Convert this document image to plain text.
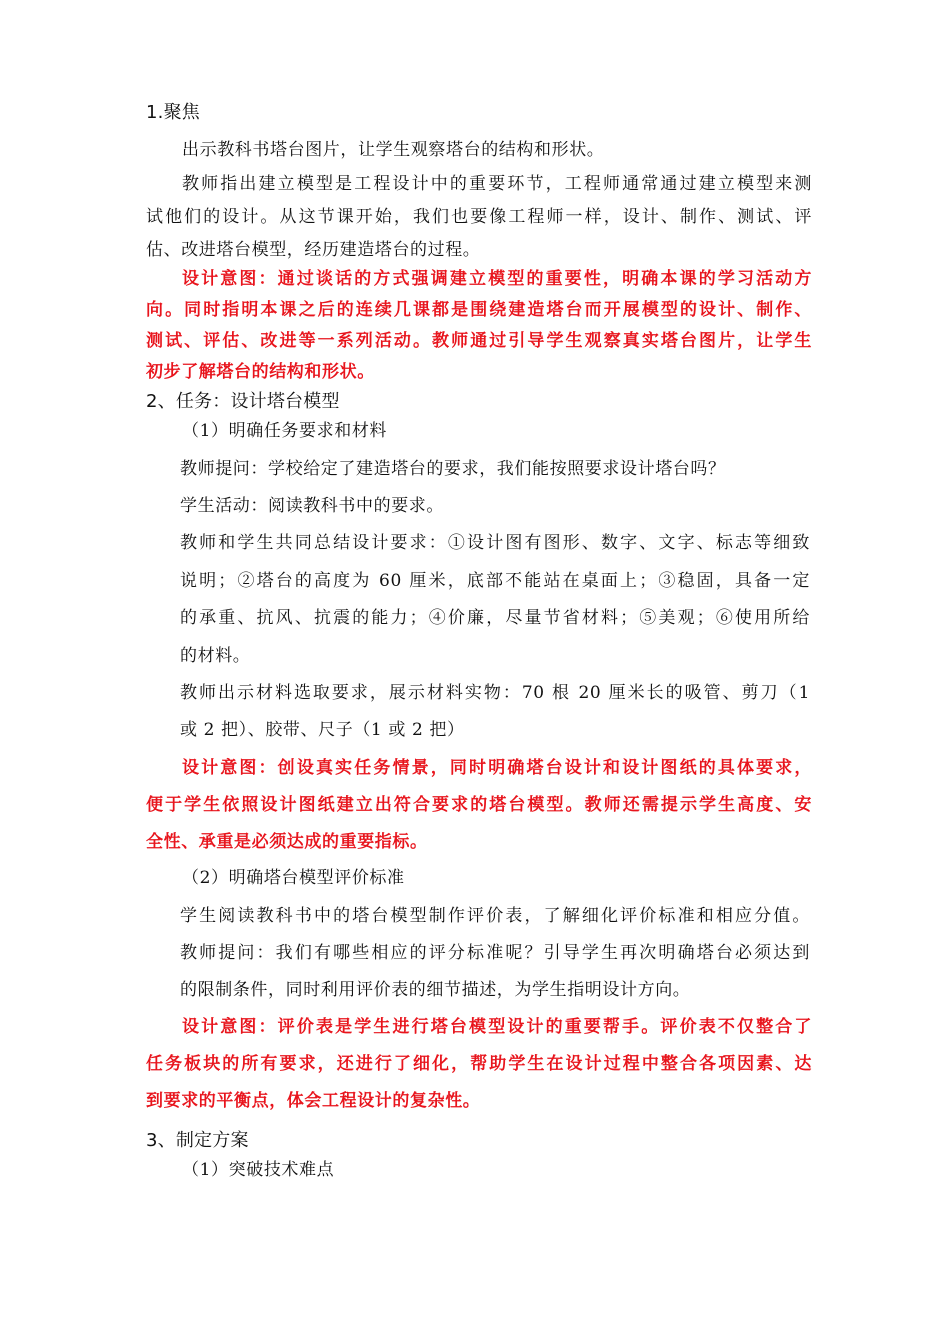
1.聚焦
出示教科书塔台图片，让学生观察塔台的结构和形状。
教师指出建立模型是工程设计中的重要环节，工程师通常通过建立模型来测
试他们的设计。从这节课开始，我们也要像工程师一样，设计、制作、测试、评
估、改进塔台模型，经历建造塔台的过程。
设计意图：通过谈话的方式强调建立模型的重要性，明确本课的学习活动方
向。同时指明本课之后的连续几课都是围绕建造塔台而开展模型的设计、制作、
测试、评估、改进等一系列活动。教师通过引导学生观察真实塔台图片，让学生
初步了解塔台的结构和形状。
2、任务：设计塔台模型
（1）明确任务要求和材料
教师提问：学校给定了建造塔台的要求，我们能按照要求设计塔台吗？
学生活动：阅读教科书中的要求。
教师和学生共同总结设计要求：①设计图有图形、数字、文字、标志等细致
说明；②塔台的高度为 60 厘米，底部不能站在桌面上；③稳固，具备一定
的承重、抗风、抗震的能力；④价廉，尽量节省材料；⑤美观；⑥使用所给
的材料。
教师出示材料选取要求，展示材料实物：70 根 20 厘米长的吸管、剪刀（1
或 2 把）、胶带、尺子（1 或 2 把）
设计意图：创设真实任务情景，同时明确塔台设计和设计图纸的具体要求，
便于学生依照设计图纸建立出符合要求的塔台模型。教师还需提示学生高度、安
全性、承重是必须达成的重要指标。
（2）明确塔台模型评价标准
学生阅读教科书中的塔台模型制作评价表，了解细化评价标准和相应分值。
教师提问：我们有哪些相应的评分标准呢？引导学生再次明确塔台必须达到
的限制条件，同时利用评价表的细节描述，为学生指明设计方向。
设计意图：评价表是学生进行塔台模型设计的重要帮手。评价表不仅整合了
任务板块的所有要求，还进行了细化，帮助学生在设计过程中整合各项因素、达
到要求的平衡点，体会工程设计的复杂性。
3、制定方案
（1）突破技术难点
